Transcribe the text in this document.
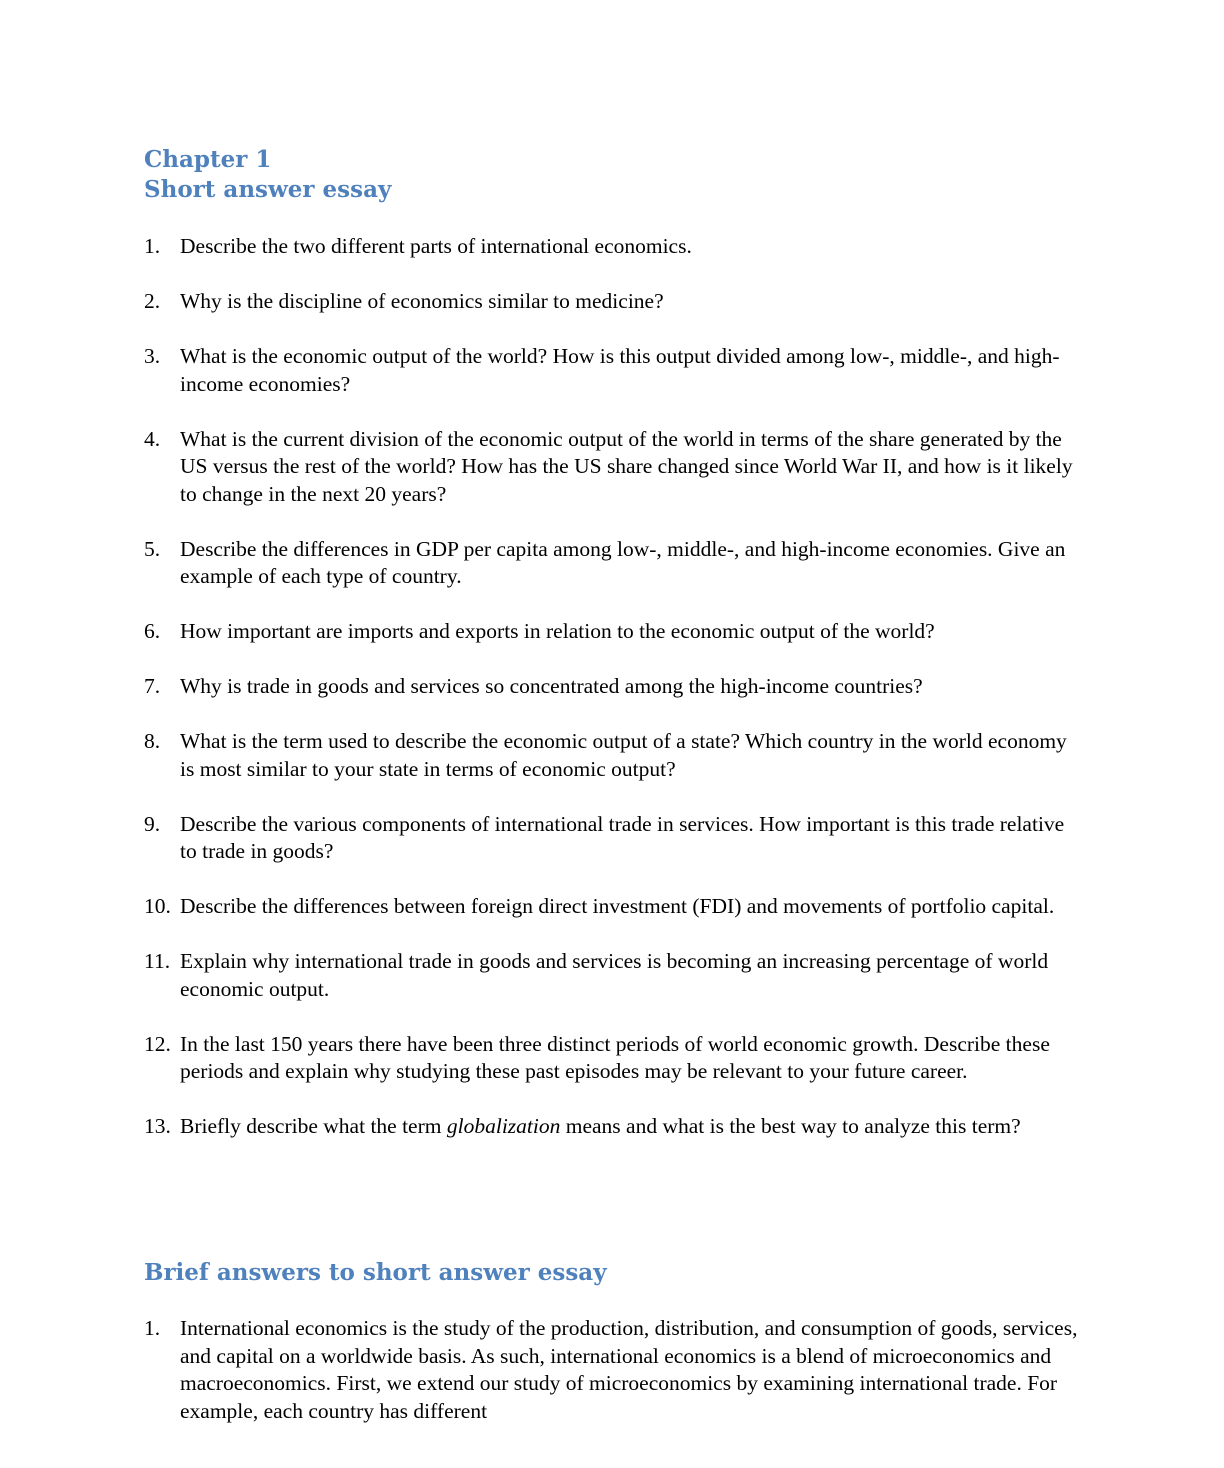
Chapter 1
Short answer essay
1. Describe the two different parts of international economics.
2. Why is the discipline of economics similar to medicine?
3. What is the economic output of the world? How is this output divided among low-, middle-, and high-income economies?
4. What is the current division of the economic output of the world in terms of the share generated by the US versus the rest of the world? How has the US share changed since World War II, and how is it likely to change in the next 20 years?
5. Describe the differences in GDP per capita among low-, middle-, and high-income economies. Give an example of each type of country.
6. How important are imports and exports in relation to the economic output of the world?
7. Why is trade in goods and services so concentrated among the high-income countries?
8. What is the term used to describe the economic output of a state? Which country in the world economy is most similar to your state in terms of economic output?
9. Describe the various components of international trade in services. How important is this trade relative to trade in goods?
10. Describe the differences between foreign direct investment (FDI) and movements of portfolio capital.
11. Explain why international trade in goods and services is becoming an increasing percentage of world economic output.
12. In the last 150 years there have been three distinct periods of world economic growth. Describe these periods and explain why studying these past episodes may be relevant to your future career.
13. Briefly describe what the term globalization means and what is the best way to analyze this term?
Brief answers to short answer essay
1. International economics is the study of the production, distribution, and consumption of goods, services, and capital on a worldwide basis. As such, international economics is a blend of microeconomics and macroeconomics. First, we extend our study of microeconomics by examining international trade. For example, each country has different
